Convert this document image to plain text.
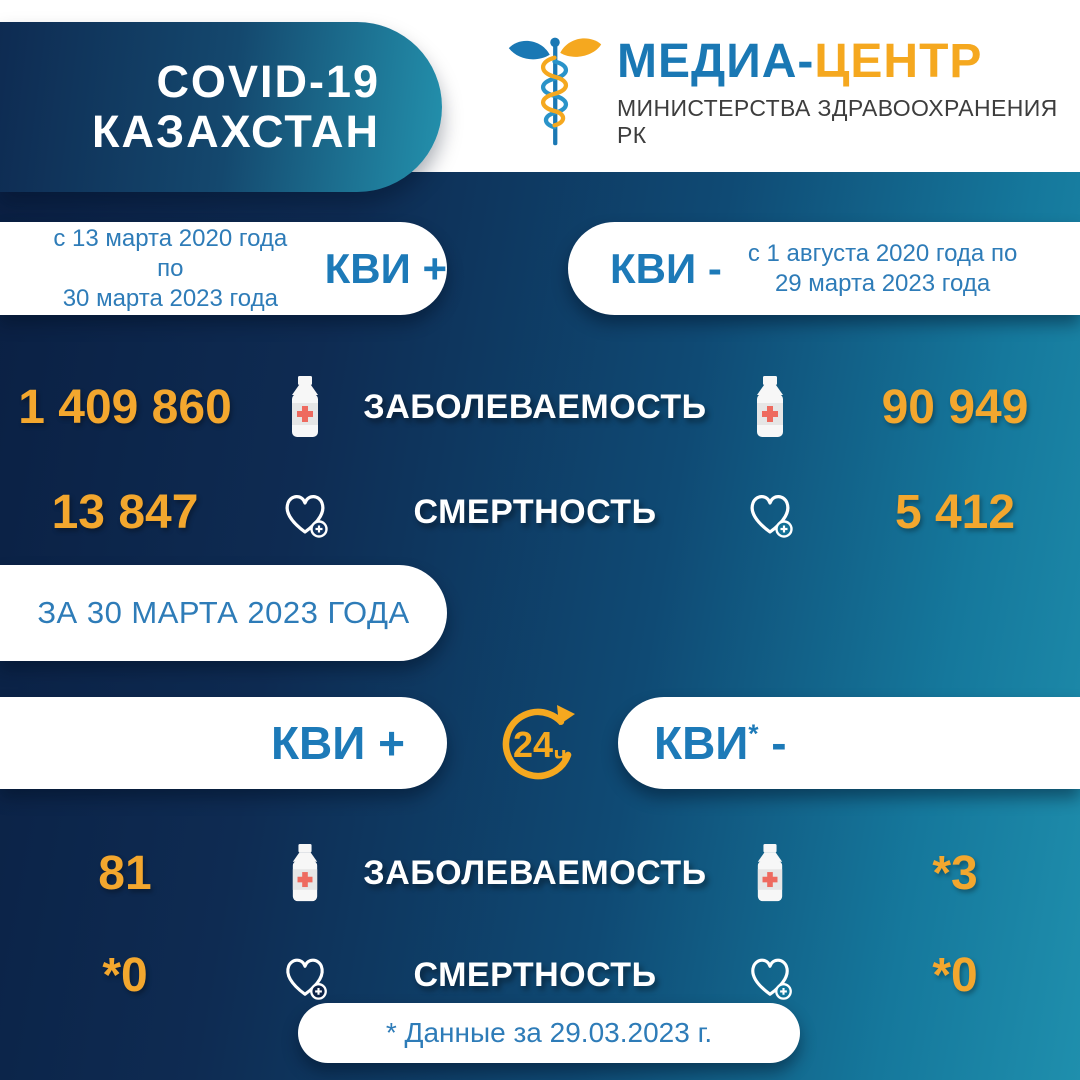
COVID-19
КАЗАХСТАН
МЕДИА-ЦЕНТР
МИНИСТЕРСТВА ЗДРАВООХРАНЕНИЯ РК
с 13 марта 2020 года по
30 марта 2023 года
КВИ +	КВИ - с 1 августа 2020 года по
29 марта 2023 года
1 409 860	ЗАБОЛЕВАЕМОСТЬ	90 949
13 847	СМЕРТНОСТЬ	5 412
ЗА 30 МАРТА 2023 ГОДА
КВИ +	24 ч КВИ* -
81	ЗАБОЛЕВАЕМОСТЬ	*3
*0	СМЕРТНОСТЬ	*0
* Данные за 29.03.2023 г.
